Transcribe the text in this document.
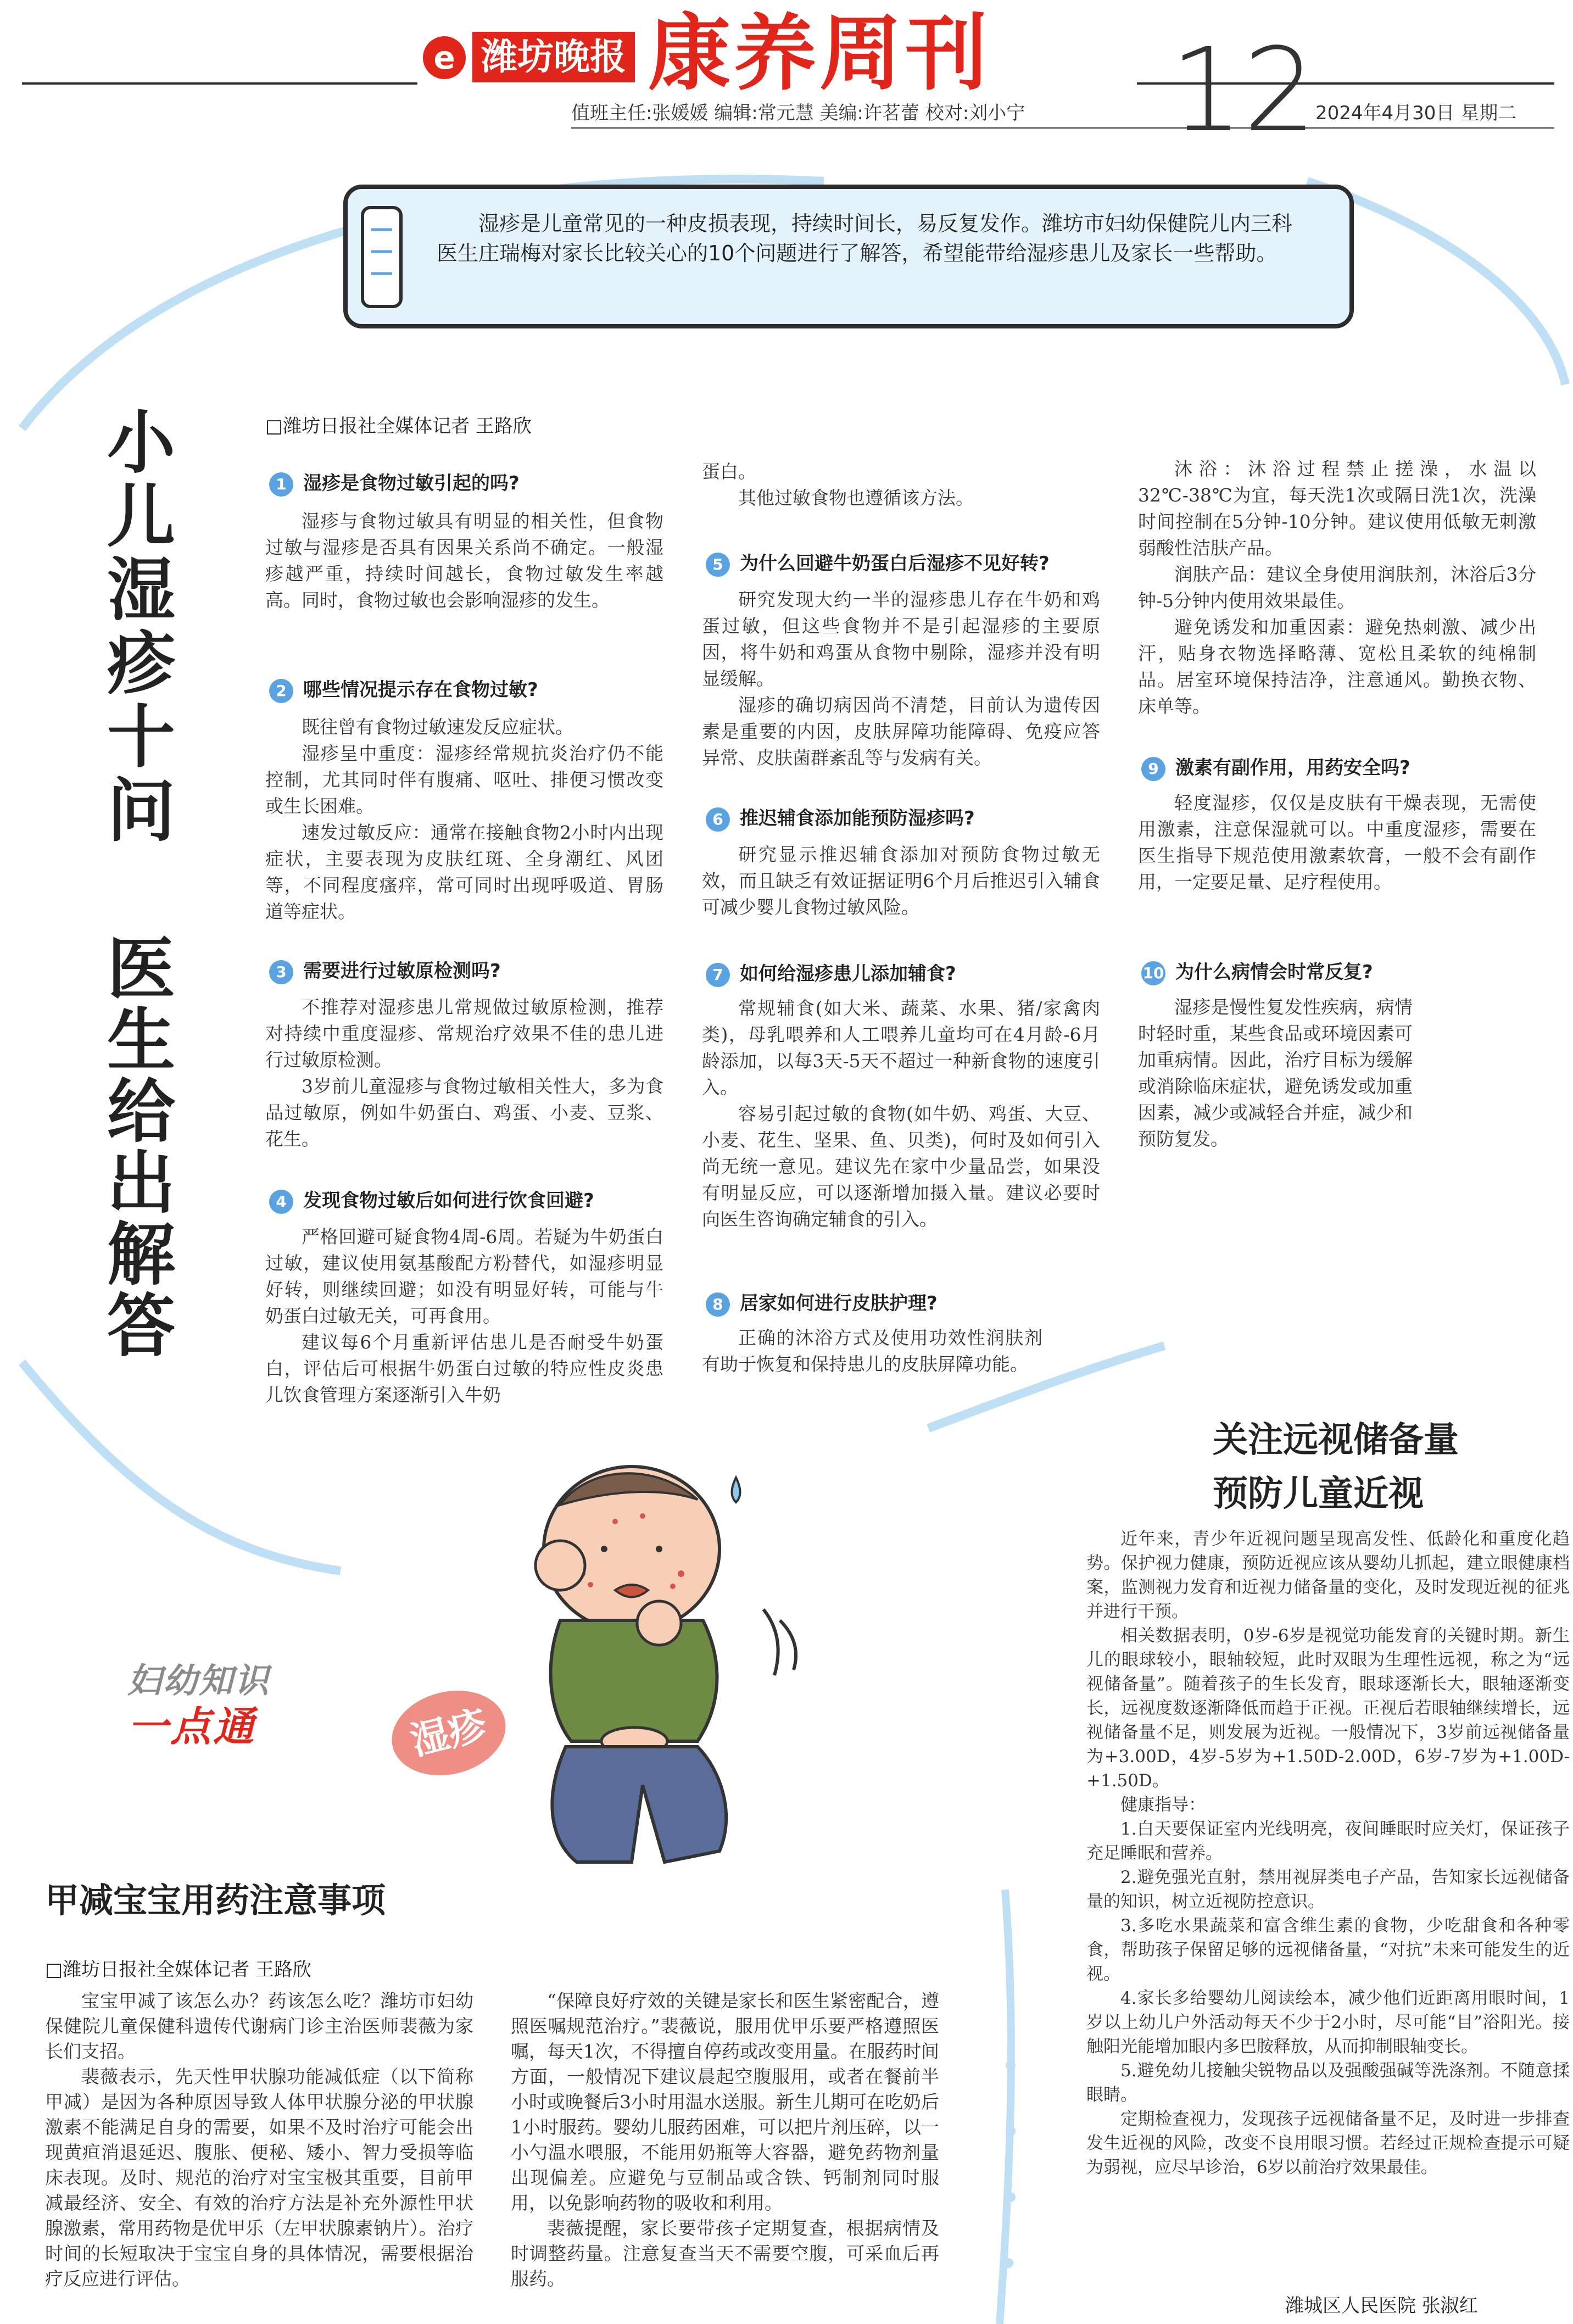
e 潍坊晚报 康养周刊 12
值班主任:张媛媛 编辑:常元慧 美编:许茗蕾 校对:刘小宁	2024年4月30日 星期二
湿疹是儿童常见的一种皮损表现，持续时间长，易反复发作。潍坊市妇幼保健院儿内三科医生庄瑞梅对家长比较关心的10个问题进行了解答，希望能带给湿疹患儿及家长一些帮助。
小儿湿疹十问
医生给出解答
□潍坊日报社全媒体记者 王路欣
1 湿疹是食物过敏引起的吗?
湿疹与食物过敏具有明显的相关性，但食物过敏与湿疹是否具有因果关系尚不确定。一般湿疹越严重，持续时间越长，食物过敏发生率越高。同时，食物过敏也会影响湿疹的发生。
2 哪些情况提示存在食物过敏?
既往曾有食物过敏速发反应症状。
湿疹呈中重度：湿疹经常规抗炎治疗仍不能控制，尤其同时伴有腹痛、呕吐、排便习惯改变或生长困难。
速发过敏反应：通常在接触食物2小时内出现症状，主要表现为皮肤红斑、全身潮红、风团等，不同程度瘙痒，常可同时出现呼吸道、胃肠道等症状。
3 需要进行过敏原检测吗?
不推荐对湿疹患儿常规做过敏原检测，推荐对持续中重度湿疹、常规治疗效果不佳的患儿进行过敏原检测。
3岁前儿童湿疹与食物过敏相关性大，多为食品过敏原，例如牛奶蛋白、鸡蛋、小麦、豆浆、花生。
4 发现食物过敏后如何进行饮食回避?
严格回避可疑食物4周-6周。若疑为牛奶蛋白过敏，建议使用氨基酸配方粉替代，如湿疹明显好转，则继续回避；如没有明显好转，可能与牛奶蛋白过敏无关，可再食用。
建议每6个月重新评估患儿是否耐受牛奶蛋白，评估后可根据牛奶蛋白过敏的特应性皮炎患儿饮食管理方案逐渐引入牛奶
蛋白。
其他过敏食物也遵循该方法。
5 为什么回避牛奶蛋白后湿疹不见好转?
研究发现大约一半的湿疹患儿存在牛奶和鸡蛋过敏，但这些食物并不是引起湿疹的主要原因，将牛奶和鸡蛋从食物中剔除，湿疹并没有明显缓解。
湿疹的确切病因尚不清楚，目前认为遗传因素是重要的内因，皮肤屏障功能障碍、免疫应答异常、皮肤菌群紊乱等与发病有关。
6 推迟辅食添加能预防湿疹吗?
研究显示推迟辅食添加对预防食物过敏无效，而且缺乏有效证据证明6个月后推迟引入辅食可减少婴儿食物过敏风险。
7 如何给湿疹患儿添加辅食?
常规辅食(如大米、蔬菜、水果、猪/家禽肉类)，母乳喂养和人工喂养儿童均可在4月龄-6月龄添加，以每3天-5天不超过一种新食物的速度引入。
容易引起过敏的食物(如牛奶、鸡蛋、大豆、小麦、花生、坚果、鱼、贝类)，何时及如何引入尚无统一意见。建议先在家中少量品尝，如果没有明显反应，可以逐渐增加摄入量。建议必要时向医生咨询确定辅食的引入。
8 居家如何进行皮肤护理?
正确的沐浴方式及使用功效性润肤剂有助于恢复和保持患儿的皮肤屏障功能。
沐浴：沐浴过程禁止搓澡，水温以32℃-38℃为宜，每天洗1次或隔日洗1次，洗澡时间控制在5分钟-10分钟。建议使用低敏无刺激弱酸性洁肤产品。
润肤产品：建议全身使用润肤剂，沐浴后3分钟-5分钟内使用效果最佳。
避免诱发和加重因素：避免热刺激、减少出汗，贴身衣物选择略薄、宽松且柔软的纯棉制品。居室环境保持洁净，注意通风。勤换衣物、床单等。
9 激素有副作用，用药安全吗?
轻度湿疹，仅仅是皮肤有干燥表现，无需使用激素，注意保湿就可以。中重度湿疹，需要在医生指导下规范使用激素软膏，一般不会有副作用，一定要足量、足疗程使用。
10 为什么病情会时常反复?
湿疹是慢性复发性疾病，病情时轻时重，某些食品或环境因素可加重病情。因此，治疗目标为缓解或消除临床症状，避免诱发或加重因素，减少或减轻合并症，减少和预防复发。
湿疹
妇幼知识
一点通
甲减宝宝用药注意事项
□潍坊日报社全媒体记者 王路欣
宝宝甲减了该怎么办？药该怎么吃？潍坊市妇幼保健院儿童保健科遗传代谢病门诊主治医师裴薇为家长们支招。
裴薇表示，先天性甲状腺功能减低症（以下简称甲减）是因为各种原因导致人体甲状腺分泌的甲状腺激素不能满足自身的需要，如果不及时治疗可能会出现黄疸消退延迟、腹胀、便秘、矮小、智力受损等临床表现。及时、规范的治疗对宝宝极其重要，目前甲减最经济、安全、有效的治疗方法是补充外源性甲状腺激素，常用药物是优甲乐（左甲状腺素钠片）。治疗时间的长短取决于宝宝自身的具体情况，需要根据治疗反应进行评估。
“保障良好疗效的关键是家长和医生紧密配合，遵照医嘱规范治疗。”裴薇说，服用优甲乐要严格遵照医嘱，每天1次，不得擅自停药或改变用量。在服药时间方面，一般情况下建议晨起空腹服用，或者在餐前半小时或晚餐后3小时用温水送服。新生儿期可在吃奶后1小时服药。婴幼儿服药困难，可以把片剂压碎，以一小勺温水喂服，不能用奶瓶等大容器，避免药物剂量出现偏差。应避免与豆制品或含铁、钙制剂同时服用，以免影响药物的吸收和利用。
裴薇提醒，家长要带孩子定期复查，根据病情及时调整药量。注意复查当天不需要空腹，可采血后再服药。
关注远视储备量
预防儿童近视
近年来，青少年近视问题呈现高发性、低龄化和重度化趋势。保护视力健康，预防近视应该从婴幼儿抓起，建立眼健康档案，监测视力发育和近视力储备量的变化，及时发现近视的征兆并进行干预。
相关数据表明，0岁-6岁是视觉功能发育的关键时期。新生儿的眼球较小，眼轴较短，此时双眼为生理性远视，称之为“远视储备量”。随着孩子的生长发育，眼球逐渐长大，眼轴逐渐变长，远视度数逐渐降低而趋于正视。正视后若眼轴继续增长，远视储备量不足，则发展为近视。一般情况下，3岁前远视储备量为+3.00D，4岁-5岁为+1.50D-2.00D，6岁-7岁为+1.00D-+1.50D。
健康指导：
1.白天要保证室内光线明亮，夜间睡眠时应关灯，保证孩子充足睡眠和营养。
2.避免强光直射，禁用视屏类电子产品，告知家长远视储备量的知识，树立近视防控意识。
3.多吃水果蔬菜和富含维生素的食物，少吃甜食和各种零食，帮助孩子保留足够的远视储备量，“对抗”未来可能发生的近视。
4.家长多给婴幼儿阅读绘本，减少他们近距离用眼时间，1岁以上幼儿户外活动每天不少于2小时，尽可能“目”浴阳光。接触阳光能增加眼内多巴胺释放，从而抑制眼轴变长。
5.避免幼儿接触尖锐物品以及强酸强碱等洗涤剂。不随意揉眼睛。
定期检查视力，发现孩子远视储备量不足，及时进一步排查发生近视的风险，改变不良用眼习惯。若经过正规检查提示可疑为弱视，应尽早诊治，6岁以前治疗效果最佳。
潍城区人民医院 张淑红
